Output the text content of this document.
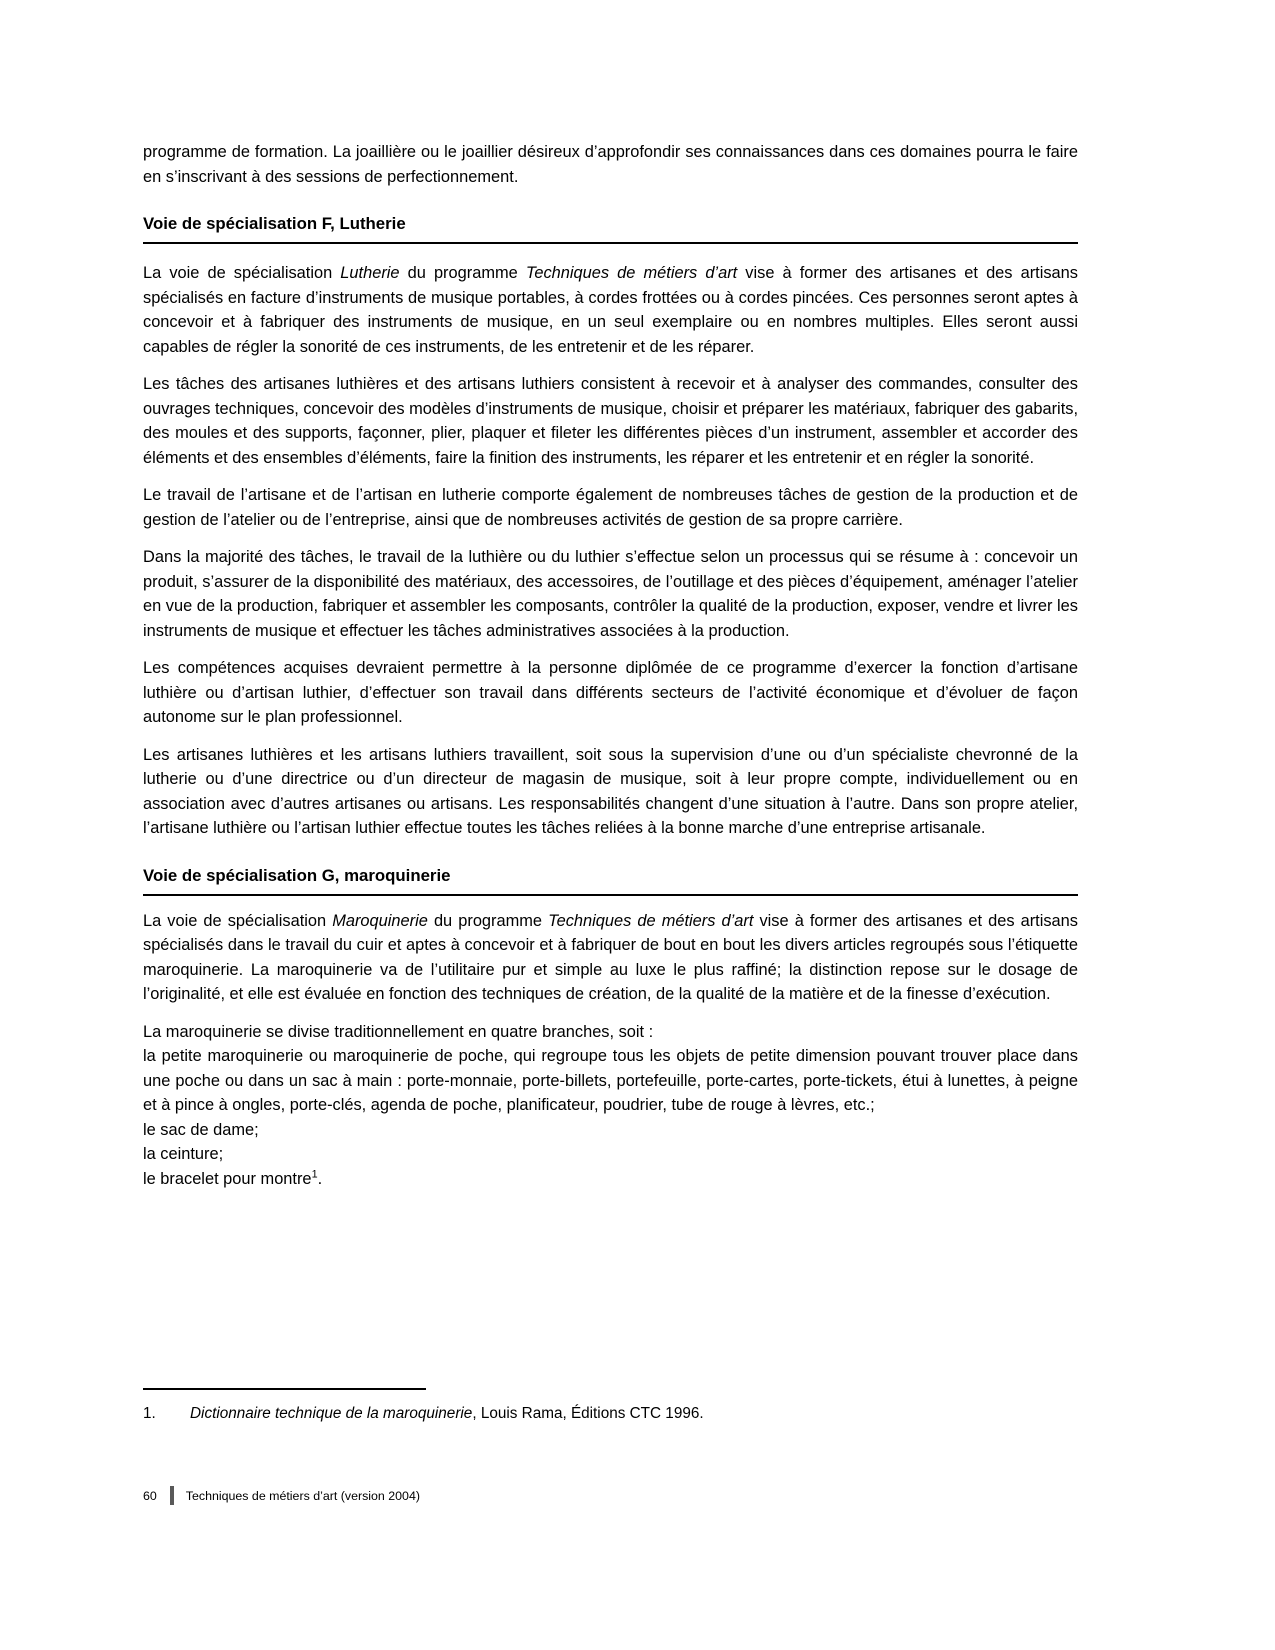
programme de formation. La joaillière ou le joaillier désireux d’approfondir ses connaissances dans ces domaines pourra le faire en s’inscrivant à des sessions de perfectionnement.

Voie de spécialisation F, Lutherie

La voie de spécialisation Lutherie du programme Techniques de métiers d’art vise à former des artisanes et des artisans spécialisés en facture d’instruments de musique portables, à cordes frottées ou à cordes pincées. Ces personnes seront aptes à concevoir et à fabriquer des instruments de musique, en un seul exemplaire ou en nombres multiples. Elles seront aussi capables de régler la sonorité de ces instruments, de les entretenir et de les réparer.

Les tâches des artisanes luthières et des artisans luthiers consistent à recevoir et à analyser des commandes, consulter des ouvrages techniques, concevoir des modèles d’instruments de musique, choisir et préparer les matériaux, fabriquer des gabarits, des moules et des supports, façonner, plier, plaquer et fileter les différentes pièces d’un instrument, assembler et accorder des éléments et des ensembles d’éléments, faire la finition des instruments, les réparer et les entretenir et en régler la sonorité.

Le travail de l’artisane et de l’artisan en lutherie comporte également de nombreuses tâches de gestion de la production et de gestion de l’atelier ou de l’entreprise, ainsi que de nombreuses activités de gestion de sa propre carrière.

Dans la majorité des tâches, le travail de la luthière ou du luthier s’effectue selon un processus qui se résume à : concevoir un produit, s’assurer de la disponibilité des matériaux, des accessoires, de l’outillage et des pièces d’équipement, aménager l’atelier en vue de la production, fabriquer et assembler les composants, contrôler la qualité de la production, exposer, vendre et livrer les instruments de musique et effectuer les tâches administratives associées à la production.

Les compétences acquises devraient permettre à la personne diplômée de ce programme d’exercer la fonction d’artisane luthière ou d’artisan luthier, d’effectuer son travail dans différents secteurs de l’activité économique et d’évoluer de façon autonome sur le plan professionnel.

Les artisanes luthières et les artisans luthiers travaillent, soit sous la supervision d’une ou d’un spécialiste chevronné de la lutherie ou d’une directrice ou d’un directeur de magasin de musique, soit à leur propre compte, individuellement ou en association avec d’autres artisanes ou artisans. Les responsabilités changent d’une situation à l’autre. Dans son propre atelier, l’artisane luthière ou l’artisan luthier effectue toutes les tâches reliées à la bonne marche d’une entreprise artisanale.

Voie de spécialisation G, maroquinerie

La voie de spécialisation Maroquinerie du programme Techniques de métiers d’art vise à former des artisanes et des artisans spécialisés dans le travail du cuir et aptes à concevoir et à fabriquer de bout en bout les divers articles regroupés sous l’étiquette maroquinerie. La maroquinerie va de l’utilitaire pur et simple au luxe le plus raffiné; la distinction repose sur le dosage de l’originalité, et elle est évaluée en fonction des techniques de création, de la qualité de la matière et de la finesse d’exécution.

La maroquinerie se divise traditionnellement en quatre branches, soit :

la petite maroquinerie ou maroquinerie de poche, qui regroupe tous les objets de petite dimension pouvant trouver place dans une poche ou dans un sac à main : porte-monnaie, porte-billets, portefeuille, porte-cartes, porte-tickets, étui à lunettes, à peigne et à pince à ongles, porte-clés, agenda de poche, planificateur, poudrier, tube de rouge à lèvres, etc.;

le sac de dame;

la ceinture;

le bracelet pour montre$^1$.

1. Dictionnaire technique de la maroquinerie, Louis Rama, Éditions CTC 1996.
60 Techniques de métiers d’art (version 2004)
